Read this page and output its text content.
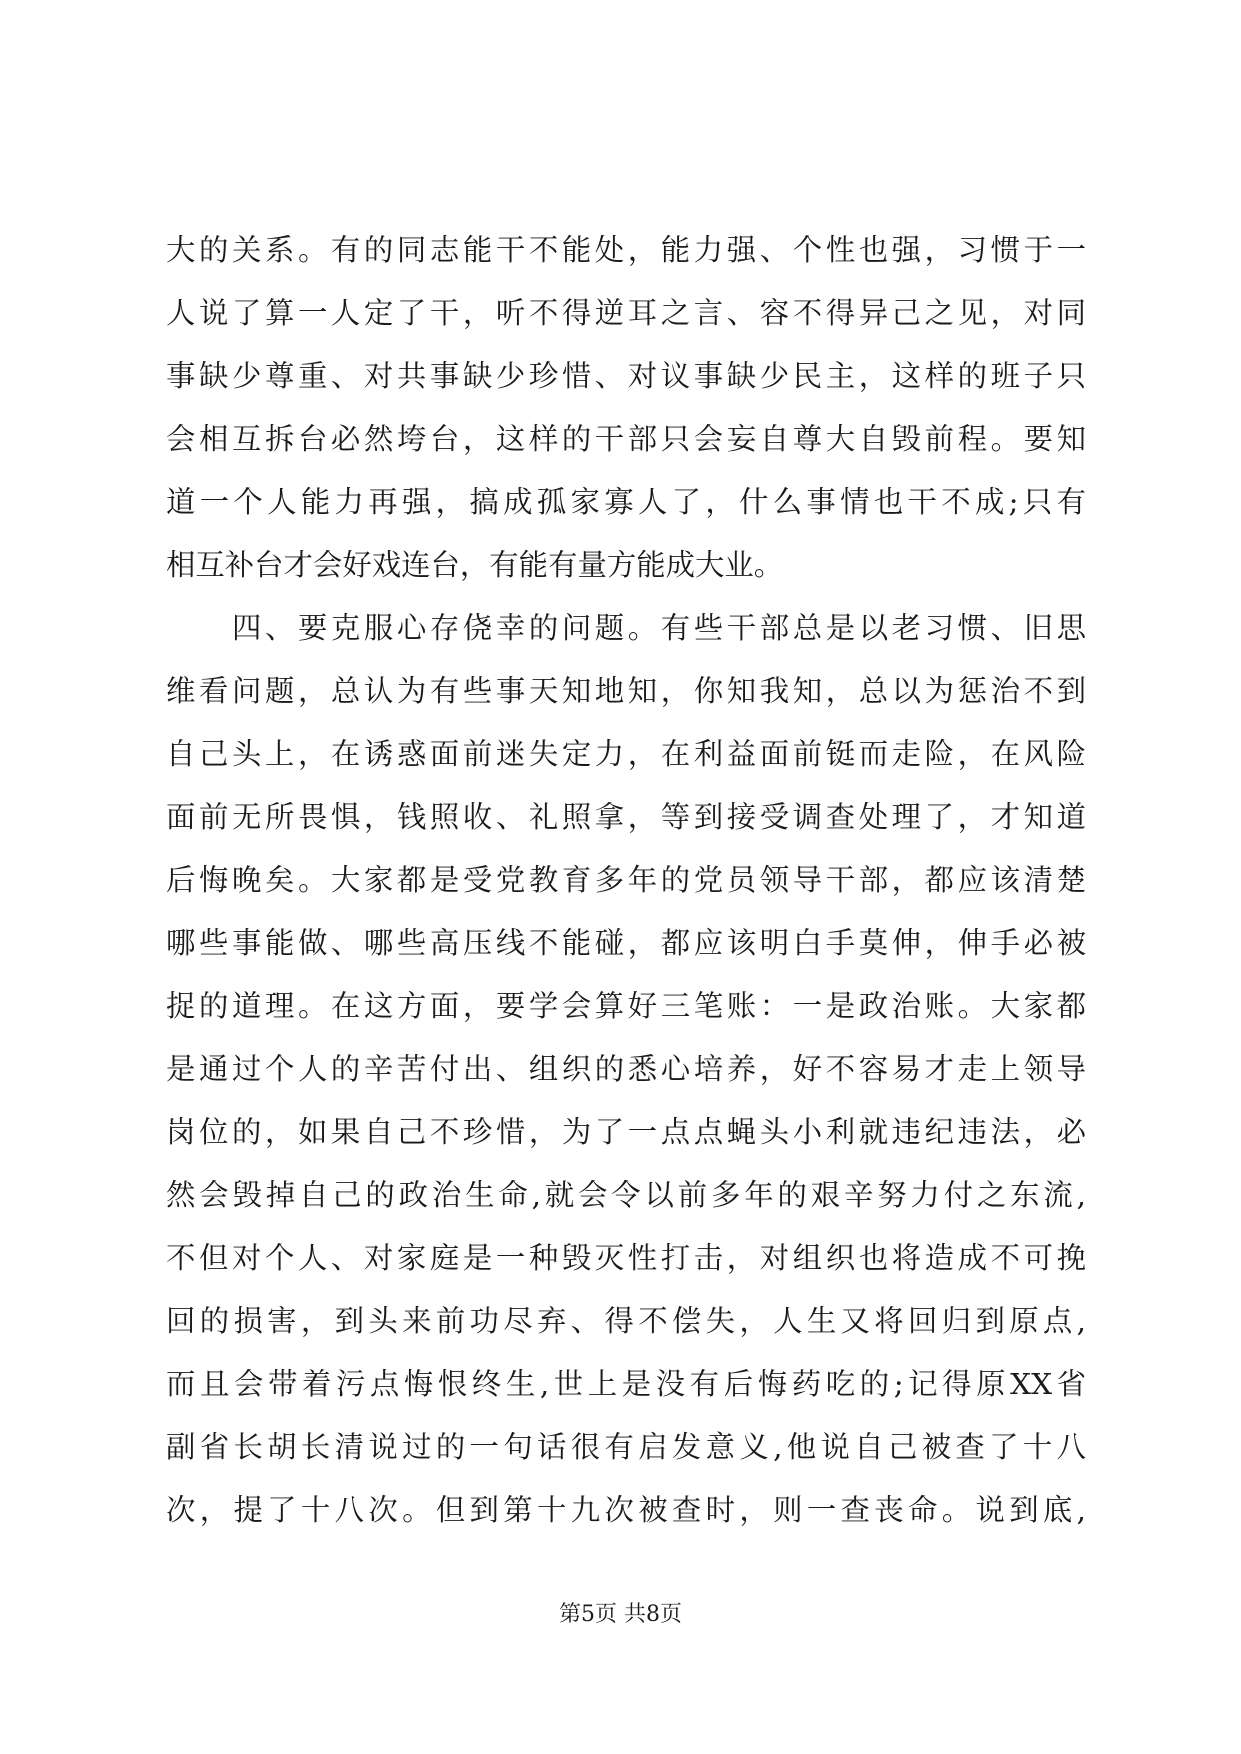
大的关系。有的同志能干不能处，能力强、个性也强，习惯于一
人说了算一人定了干，听不得逆耳之言、容不得异己之见，对同
事缺少尊重、对共事缺少珍惜、对议事缺少民主，这样的班子只
会相互拆台必然垮台，这样的干部只会妄自尊大自毁前程。要知
道一个人能力再强，搞成孤家寡人了，什么事情也干不成;只有
相互补台才会好戏连台，有能有量方能成大业。
　　四、要克服心存侥幸的问题。有些干部总是以老习惯、旧思
维看问题，总认为有些事天知地知，你知我知，总以为惩治不到
自己头上，在诱惑面前迷失定力，在利益面前铤而走险，在风险
面前无所畏惧，钱照收、礼照拿，等到接受调查处理了，才知道
后悔晚矣。大家都是受党教育多年的党员领导干部，都应该清楚
哪些事能做、哪些高压线不能碰，都应该明白手莫伸，伸手必被
捉的道理。在这方面，要学会算好三笔账：一是政治账。大家都
是通过个人的辛苦付出、组织的悉心培养，好不容易才走上领导
岗位的，如果自己不珍惜，为了一点点蝇头小利就违纪违法，必
然会毁掉自己的政治生命,就会令以前多年的艰辛努力付之东流,
不但对个人、对家庭是一种毁灭性打击，对组织也将造成不可挽
回的损害，到头来前功尽弃、得不偿失，人生又将回归到原点,
而且会带着污点悔恨终生,世上是没有后悔药吃的;记得原XX省
副省长胡长清说过的一句话很有启发意义,他说自己被查了十八
次，提了十八次。但到第十九次被查时，则一查丧命。说到底,
第5页 共8页
